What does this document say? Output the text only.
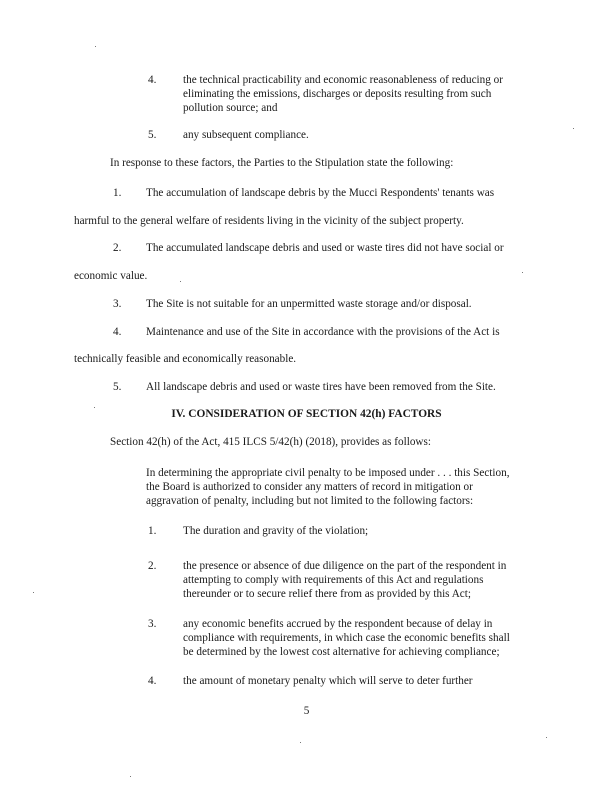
4. the technical practicability and economic reasonableness of reducing or
eliminating the emissions, discharges or deposits resulting from such
pollution source; and
5. any subsequent compliance.
In response to these factors, the Parties to the Stipulation state the following:
1. The accumulation of landscape debris by the Mucci Respondents' tenants was
harmful to the general welfare of residents living in the vicinity of the subject property.
2. The accumulated landscape debris and used or waste tires did not have social or
economic value.
3. The Site is not suitable for an unpermitted waste storage and/or disposal.
4. Maintenance and use of the Site in accordance with the provisions of the Act is
technically feasible and economically reasonable.
5. All landscape debris and used or waste tires have been removed from the Site.
IV. CONSIDERATION OF SECTION 42(h) FACTORS
Section 42(h) of the Act, 415 ILCS 5/42(h) (2018), provides as follows:
In determining the appropriate civil penalty to be imposed under . . . this Section,
the Board is authorized to consider any matters of record in mitigation or
aggravation of penalty, including but not limited to the following factors:
1. The duration and gravity of the violation;
2. the presence or absence of due diligence on the part of the respondent in
attempting to comply with requirements of this Act and regulations
thereunder or to secure relief there from as provided by this Act;
3. any economic benefits accrued by the respondent because of delay in
compliance with requirements, in which case the economic benefits shall
be determined by the lowest cost alternative for achieving compliance;
4. the amount of monetary penalty which will serve to deter further
5
